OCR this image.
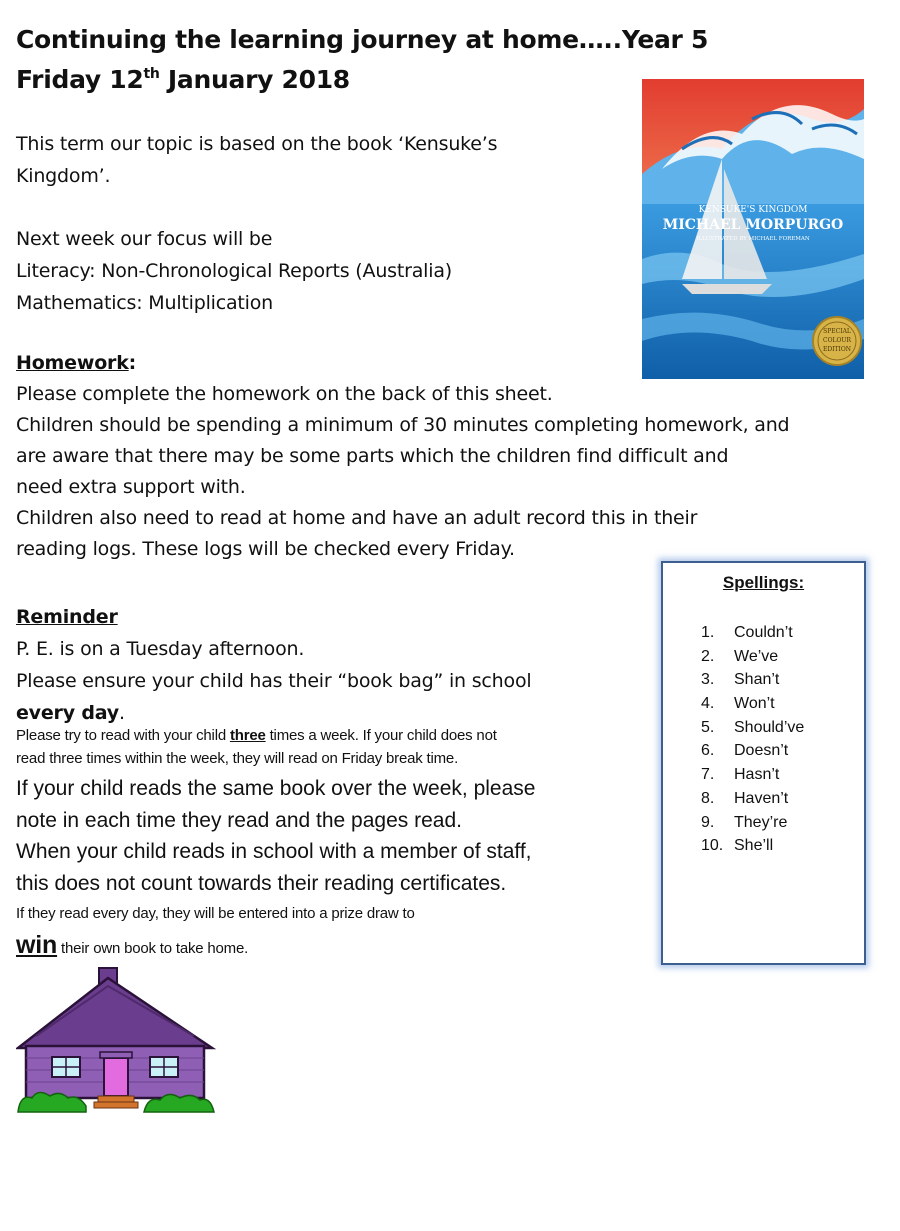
Continuing the learning journey at home…..Year 5
Friday 12th January 2018
This term our topic is based on the book ‘Kensuke’s
Kingdom’.
Next week our focus will be
Literacy: Non-Chronological Reports (Australia)
Mathematics: Multiplication
Homework:
Please complete the homework on the back of this sheet.
Children should be spending a minimum of 30 minutes completing homework, and
are aware that there may be some parts which the children find difficult and
need extra support with.
Children also need to read at home and have an adult record this in their
reading logs. These logs will be checked every Friday.
Reminder
P. E. is on a Tuesday afternoon.
Please ensure your child has their “book bag” in school
every day.
Please try to read with your child three times a week. If your child does not
read three times within the week, they will read on Friday break time.
If your child reads the same book over the week, please
note in each time they read and the pages read.
When your child reads in school with a member of staff,
this does not count towards their reading certificates.
If they read every day, they will be entered into a prize draw to
win their own book to take home.
KENSUKE'S KINGDOM
MICHAEL MORPURGO
ILLUSTRATED BY MICHAEL FOREMAN
SPECIAL
COLOUR
EDITION
Spellings:
1. Couldn’t
2. We’ve
3. Shan’t
4. Won’t
5. Should’ve
6. Doesn’t
7. Hasn’t
8. Haven’t
9. They’re
10. She’ll
